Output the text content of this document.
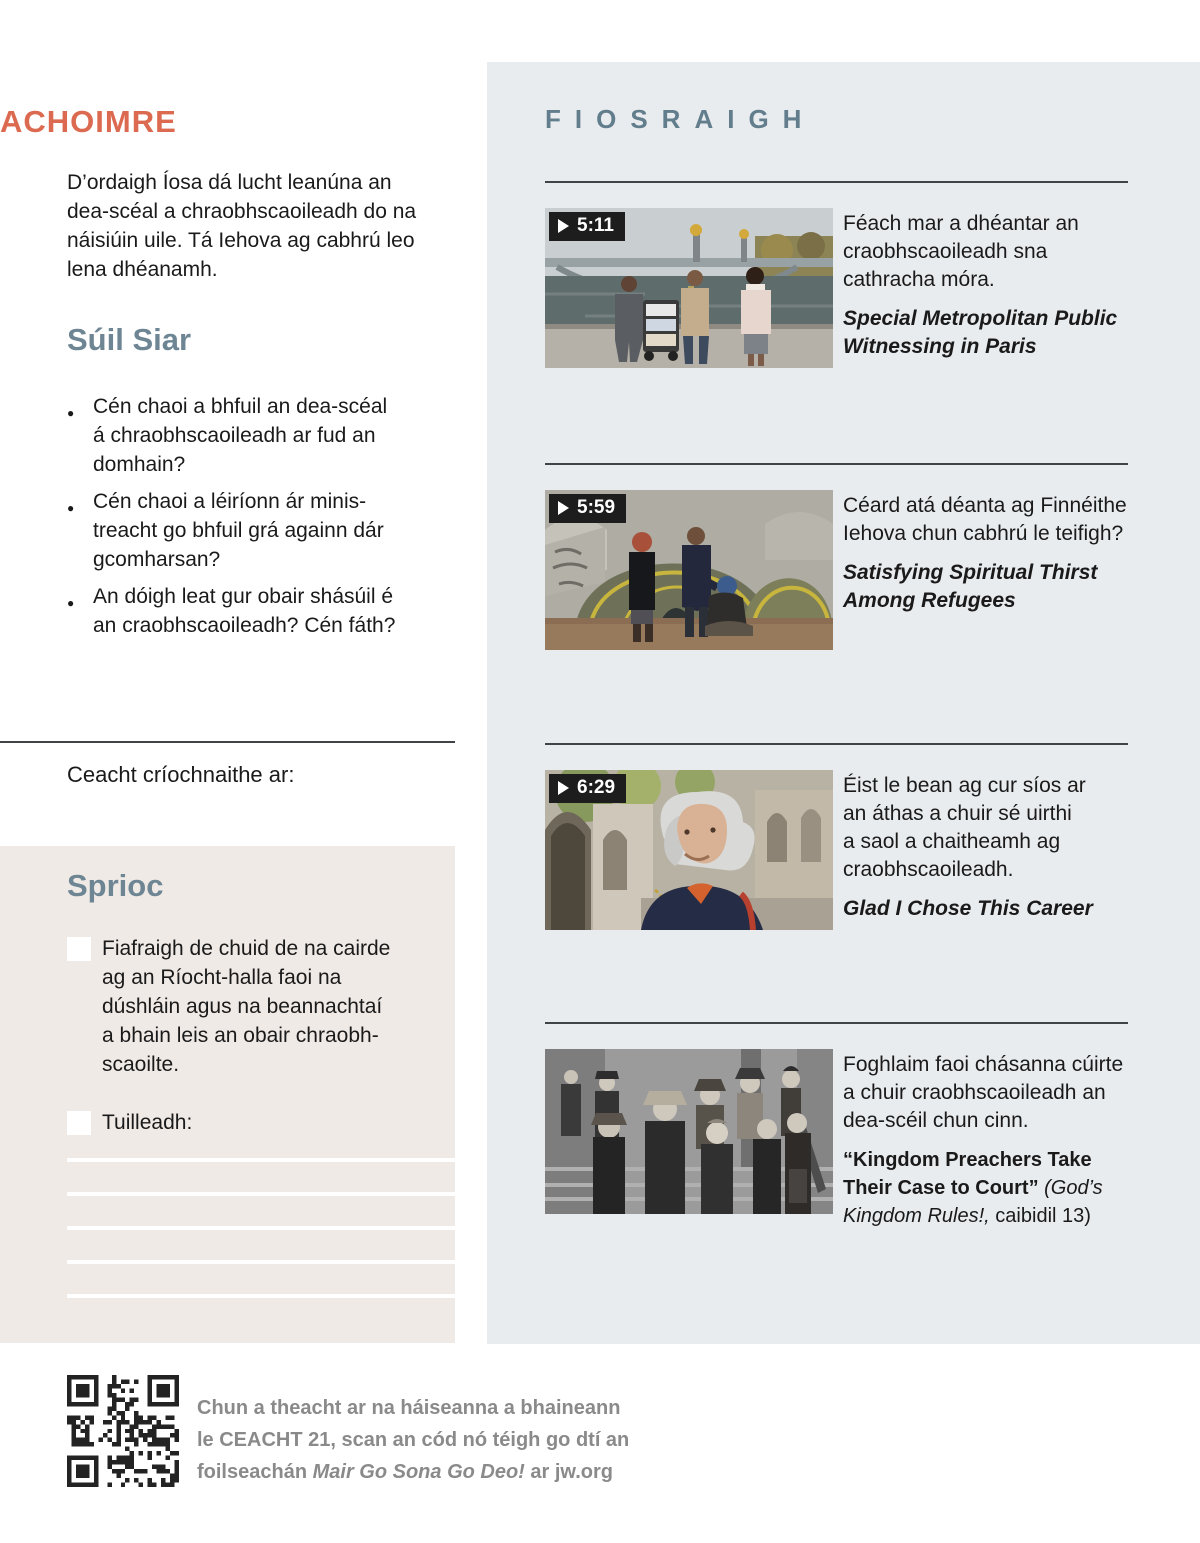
ACHOIMRE
D’ordaigh Íosa dá lucht leanúna an
dea-scéal a chraobhscaoileadh do na
náisiúin uile. Tá Iehova ag cabhrú leo
lena dhéanamh.
Súil Siar
● Cén chaoi a bhfuil an dea-scéal
á chraobhscaoileadh ar fud an
domhain?
● Cén chaoi a léiríonn ár minis-
treacht go bhfuil grá againn dár
gcomharsan?
● An dóigh leat gur obair shásúil é
an craobhscaoileadh? Cén fáth?
Ceacht críochnaithe ar:
Sprioc
Fiafraigh de chuid de na cairde
ag an Ríocht-halla faoi na
dúshláin agus na beannachtaí
a bhain leis an obair chraobh-
scaoilte.
Tuilleadh:
Chun a theacht ar na háiseanna a bhaineann
le CEACHT 21, scan an cód nó téigh go dtí an
foilseachán Mair Go Sona Go Deo! ar jw.org
FIOSRAIGH
5:11	Féach mar a dhéantar an
craobhscaoileadh sna
cathracha móra.

Special Metropolitan Public
Witnessing in Paris

5:59	Céard atá déanta ag Finnéithe
Iehova chun cabhrú le teifigh?

Satisfying Spiritual Thirst
Among Refugees

6:29	Éist le bean ag cur síos ar
an áthas a chuir sé uirthi
a saol a chaitheamh ag
craobhscaoileadh.

Glad I Chose This Career

Foghlaim faoi chásanna cúirte
a chuir craobhscaoileadh an
dea-scéil chun cinn.

“Kingdom Preachers Take
Their Case to Court” (God’s
Kingdom Rules!, caibidil 13)
